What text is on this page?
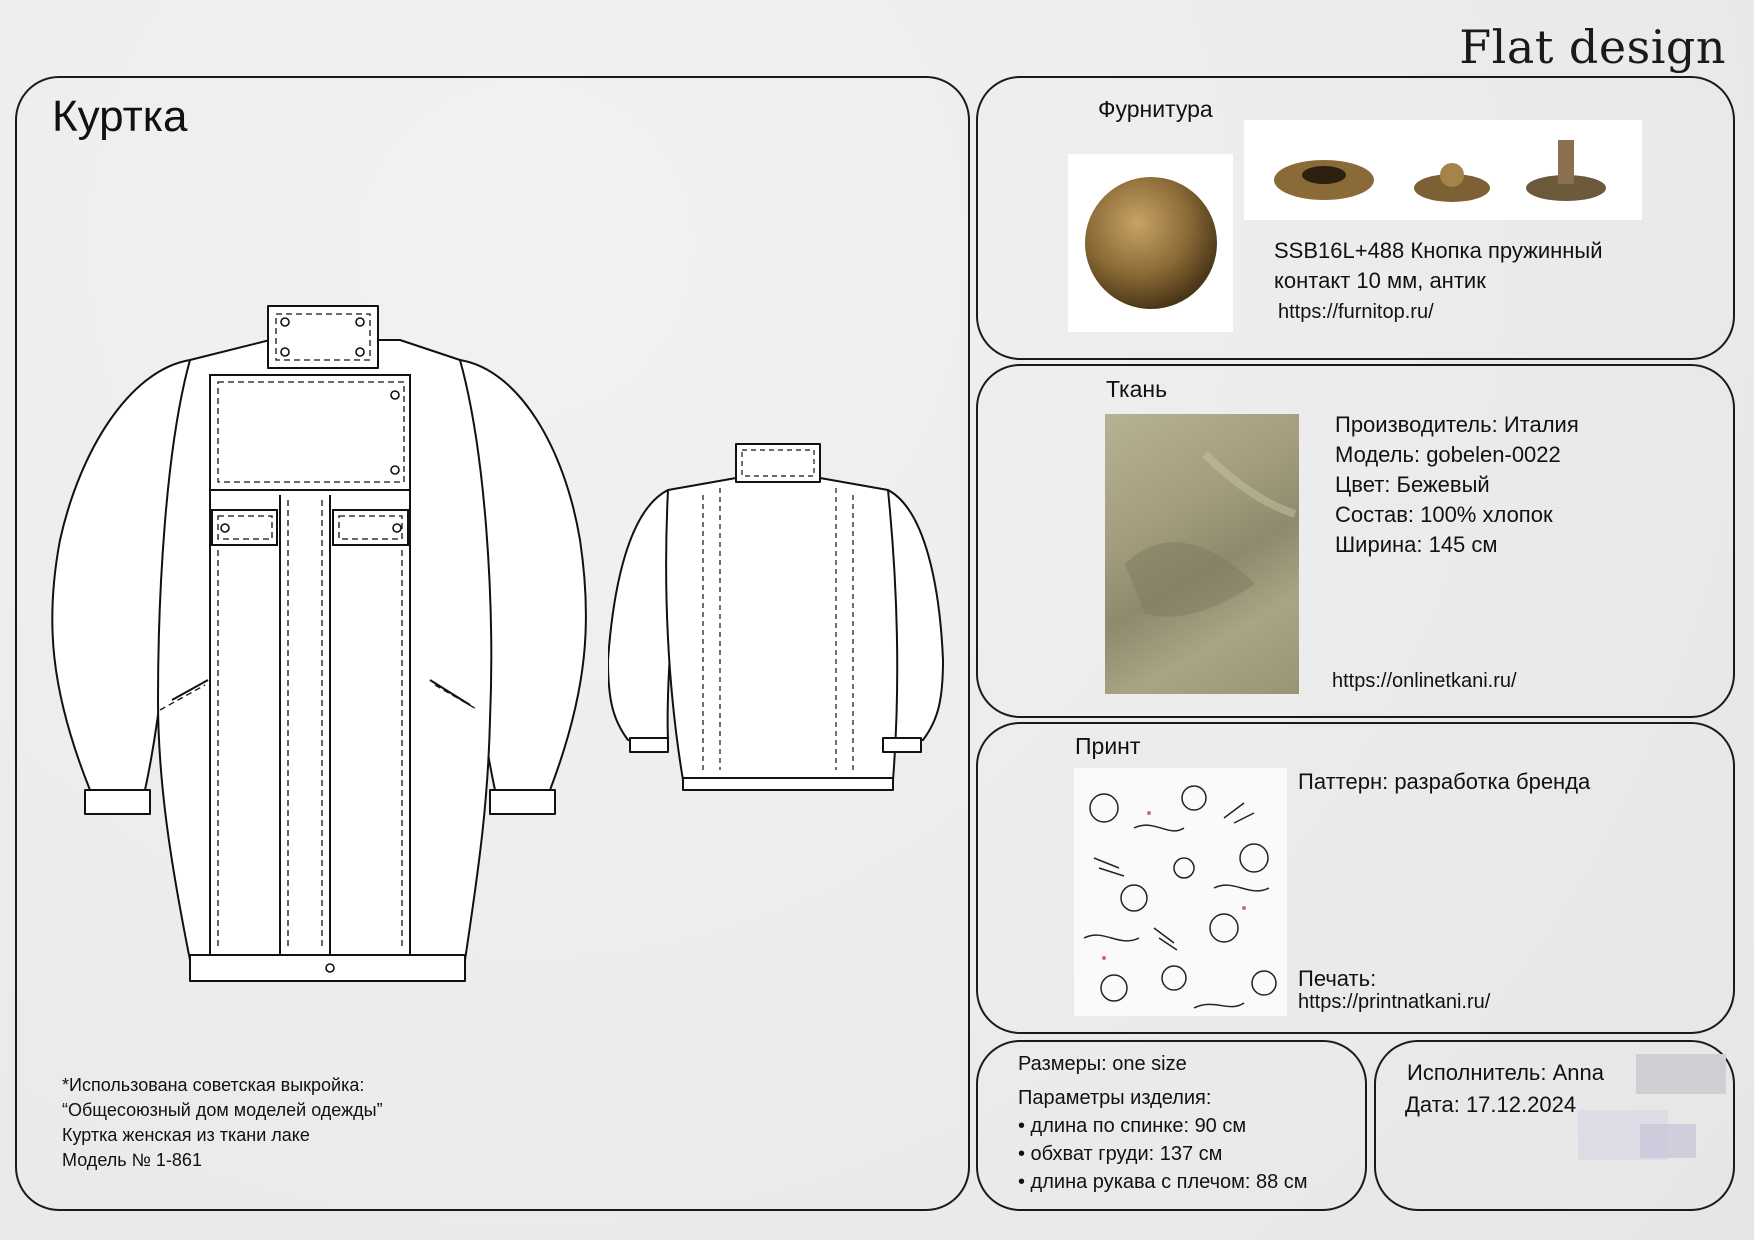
Flat design
Куртка
*Использована советская выкройка:
“Общесоюзный дом моделей одежды”
Куртка женская из ткани лаке
Модель № 1-861
Фурнитура
SSB16L+488 Кнопка пружинный
контакт 10 мм, антик
https://furnitop.ru/
Ткань
Производитель: Италия
Модель: gobelen-0022
Цвет: Бежевый
Состав: 100% хлопок
Ширина: 145 см
https://onlinetkani.ru/
Принт
Паттерн: разработка бренда
Печать:
https://printnatkani.ru/
Размеры: one size
Параметры изделия:
• длина по спинке: 90 см
• обхват груди: 137 см
• длина рукава с плечом: 88 см
Исполнитель: Anna
Дата: 17.12.2024
